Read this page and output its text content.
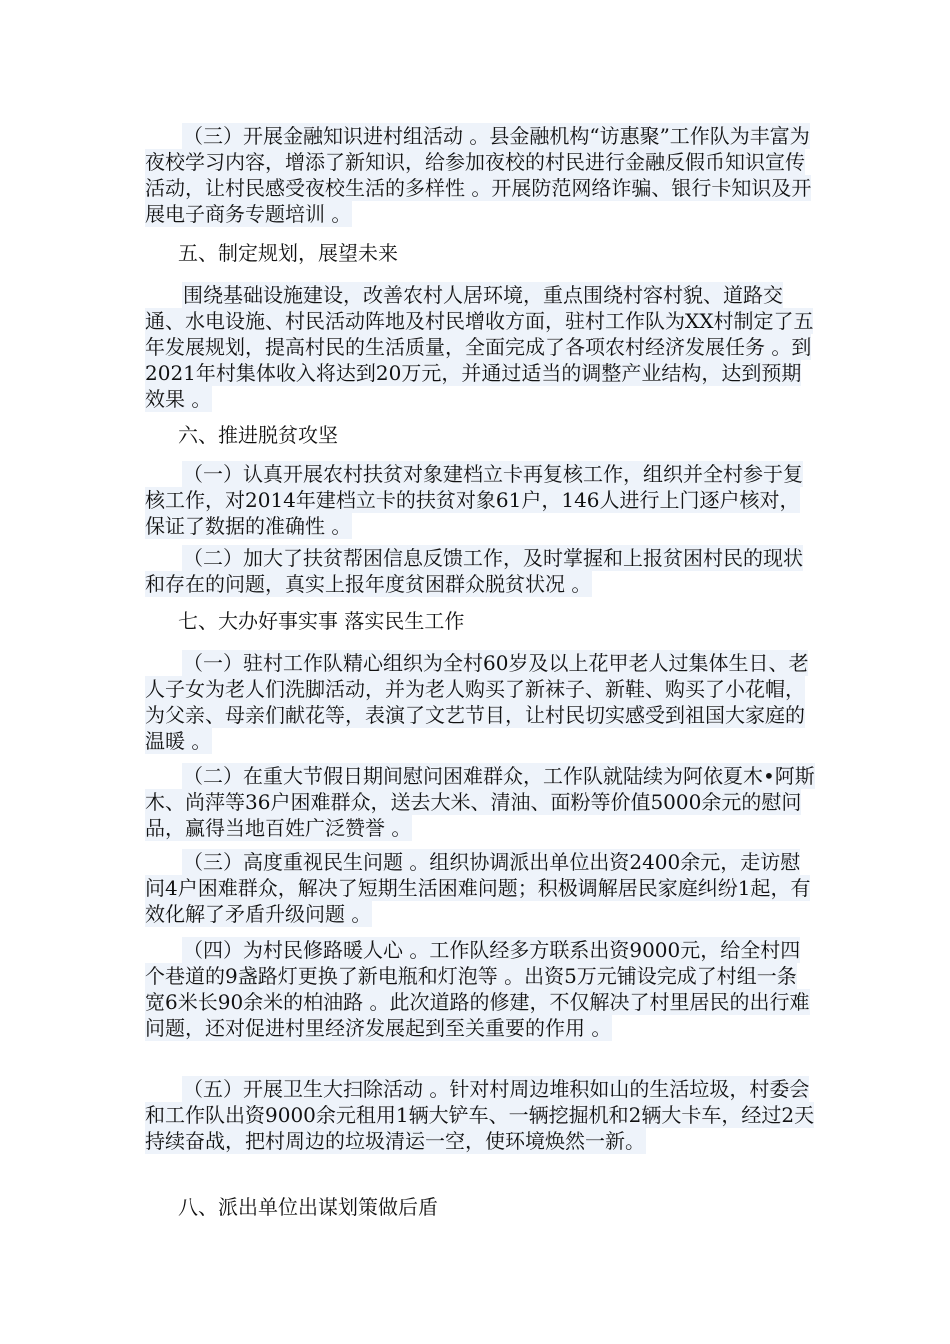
（三）开展金融知识进村组活动 。县金融机构“访惠聚”工作队为丰富为夜校学习内容，增添了新知识，给参加夜校的村民进行金融反假币知识宣传活动，让村民感受夜校生活的多样性 。开展防范网络诈骗、银行卡知识及开展电子商务专题培训 。

五、制定规划，展望未来

围绕基础设施建设，改善农村人居环境，重点围绕村容村貌、道路交通、水电设施、村民活动阵地及村民增收方面，驻村工作队为XX村制定了五年发展规划，提高村民的生活质量，全面完成了各项农村经济发展任务 。到2021年村集体收入将达到20万元，并通过适当的调整产业结构，达到预期效果 。

六、推进脱贫攻坚

（一）认真开展农村扶贫对象建档立卡再复核工作，组织并全村参于复核工作，对2014年建档立卡的扶贫对象61户，146人进行上门逐户核对，保证了数据的准确性 。

（二）加大了扶贫帮困信息反馈工作，及时掌握和上报贫困村民的现状和存在的问题，真实上报年度贫困群众脱贫状况 。

七、大办好事实事 落实民生工作

（一）驻村工作队精心组织为全村60岁及以上花甲老人过集体生日、老人子女为老人们洗脚活动，并为老人购买了新袜子、新鞋、购买了小花帽，为父亲、母亲们献花等，表演了文艺节目，让村民切实感受到祖国大家庭的温暖 。

（二）在重大节假日期间慰问困难群众，工作队就陆续为阿依夏木•阿斯木、尚萍等36户困难群众，送去大米、清油、面粉等价值5000余元的慰问品，赢得当地百姓广泛赞誉 。

（三）高度重视民生问题 。组织协调派出单位出资2400余元，走访慰问4户困难群众，解决了短期生活困难问题；积极调解居民家庭纠纷1起，有效化解了矛盾升级问题 。

（四）为村民修路暖人心 。工作队经多方联系出资9000元，给全村四个巷道的9盏路灯更换了新电瓶和灯泡等 。出资5万元铺设完成了村组一条宽6米长90余米的柏油路 。此次道路的修建，不仅解决了村里居民的出行难问题，还对促进村里经济发展起到至关重要的作用 。

（五）开展卫生大扫除活动 。针对村周边堆积如山的生活垃圾，村委会和工作队出资9000余元租用1辆大铲车、一辆挖掘机和2辆大卡车，经过2天持续奋战，把村周边的垃圾清运一空，使环境焕然一新。

八、派出单位出谋划策做后盾
